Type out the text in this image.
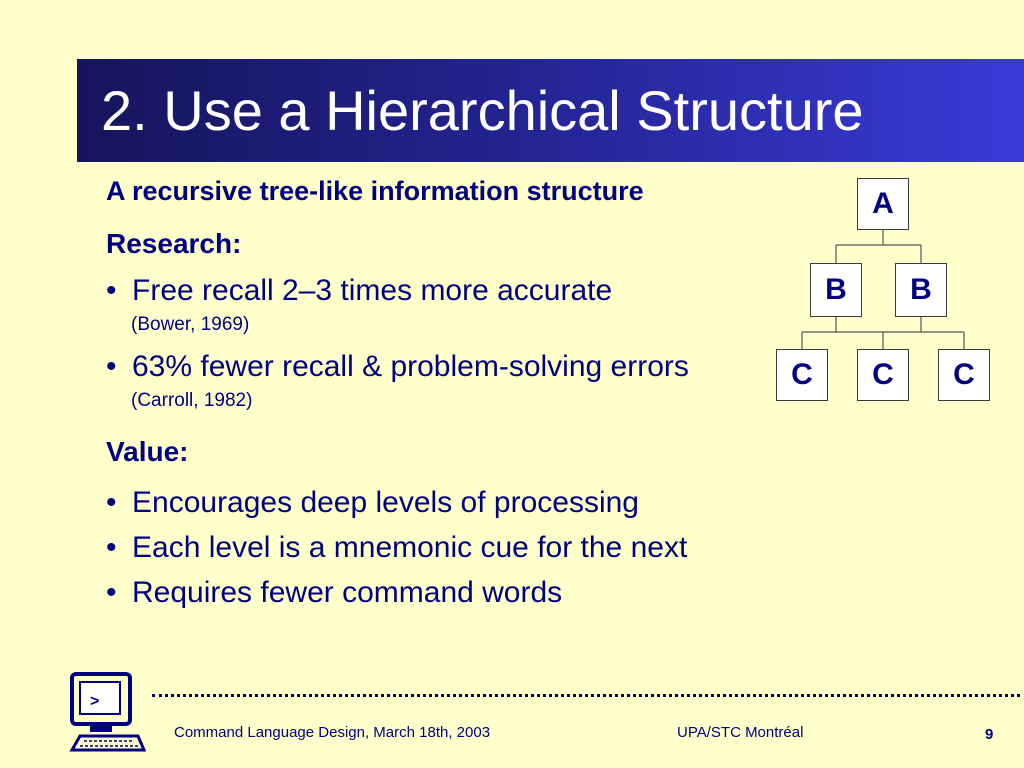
2. Use a Hierarchical Structure
A recursive tree-like information structure
Research:
• Free recall 2–3 times more accurate
(Bower, 1969)
• 63% fewer recall & problem-solving errors
(Carroll, 1982)
Value:
• Encourages deep levels of processing
• Each level is a mnemonic cue for the next
• Requires fewer command words
A
B	B
C	C	C
>
Command Language Design, March 18th, 2003	UPA/STC Montréal	9
